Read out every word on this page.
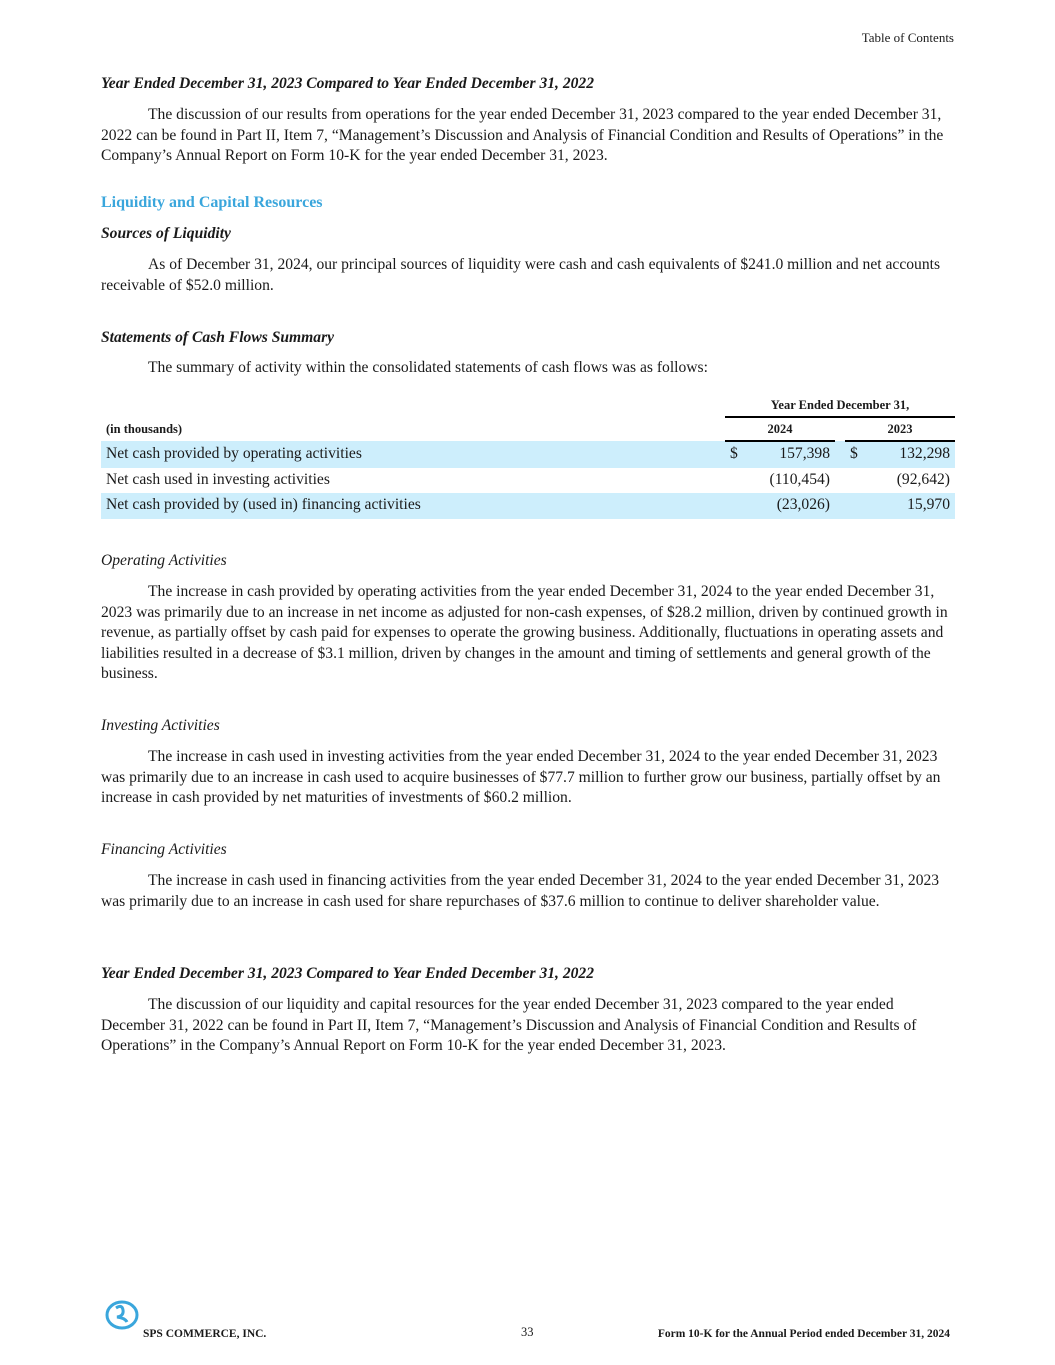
Table of Contents
Year Ended December 31, 2023 Compared to Year Ended December 31, 2022

The discussion of our results from operations for the year ended December 31, 2023 compared to the year ended December 31, 2022 can be found in Part II, Item 7, “Management’s Discussion and Analysis of Financial Condition and Results of Operations” in the Company’s Annual Report on Form 10-K for the year ended December 31, 2023.

Liquidity and Capital Resources
Sources of Liquidity

As of December 31, 2024, our principal sources of liquidity were cash and cash equivalents of $241.0 million and net accounts receivable of $52.0 million.

Statements of Cash Flows Summary

The summary of activity within the consolidated statements of cash flows was as follows:

	Year Ended December 31,				
(in thousands)	2024			2023	
Net cash provided by operating activities	$	157,398		$	132,298
Net cash used in investing activities		(110,454)			(92,642)
Net cash provided by (used in) financing activities		(23,026)			15,970
Operating Activities

The increase in cash provided by operating activities from the year ended December 31, 2024 to the year ended December 31, 2023 was primarily due to an increase in net income as adjusted for non-cash expenses, of $28.2 million, driven by continued growth in revenue, as partially offset by cash paid for expenses to operate the growing business. Additionally, fluctuations in operating assets and liabilities resulted in a decrease of $3.1 million, driven by changes in the amount and timing of settlements and general growth of the business.

Investing Activities

The increase in cash used in investing activities from the year ended December 31, 2024 to the year ended December 31, 2023 was primarily due to an increase in cash used to acquire businesses of $77.7 million to further grow our business, partially offset by an increase in cash provided by net maturities of investments of $60.2 million.

Financing Activities

The increase in cash used in financing activities from the year ended December 31, 2024 to the year ended December 31, 2023 was primarily due to an increase in cash used for share repurchases of $37.6 million to continue to deliver shareholder value.

Year Ended December 31, 2023 Compared to Year Ended December 31, 2022

The discussion of our liquidity and capital resources for the year ended December 31, 2023 compared to the year ended December 31, 2022 can be found in Part II, Item 7, “Management’s Discussion and Analysis of Financial Condition and Results of Operations” in the Company’s Annual Report on Form 10-K for the year ended December 31, 2023.

SPS COMMERCE, INC.	33	Form 10-K for the Annual Period ended December 31, 2024
